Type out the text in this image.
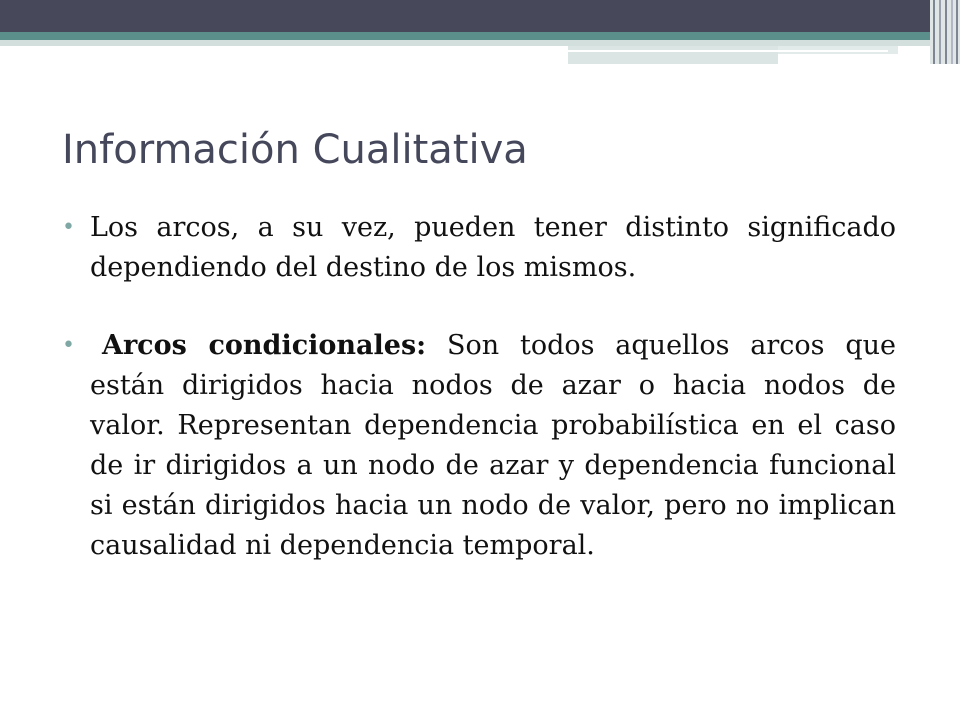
Información Cualitativa
• Los arcos, a su vez, pueden tener distinto significado dependiendo del destino de los mismos.
• Arcos condicionales: Son todos aquellos arcos que están dirigidos hacia nodos de azar o hacia nodos de valor. Representan dependencia probabilística en el caso de ir dirigidos a un nodo de azar y dependencia funcional si están dirigidos hacia un nodo de valor, pero no implican causalidad ni dependencia temporal.
